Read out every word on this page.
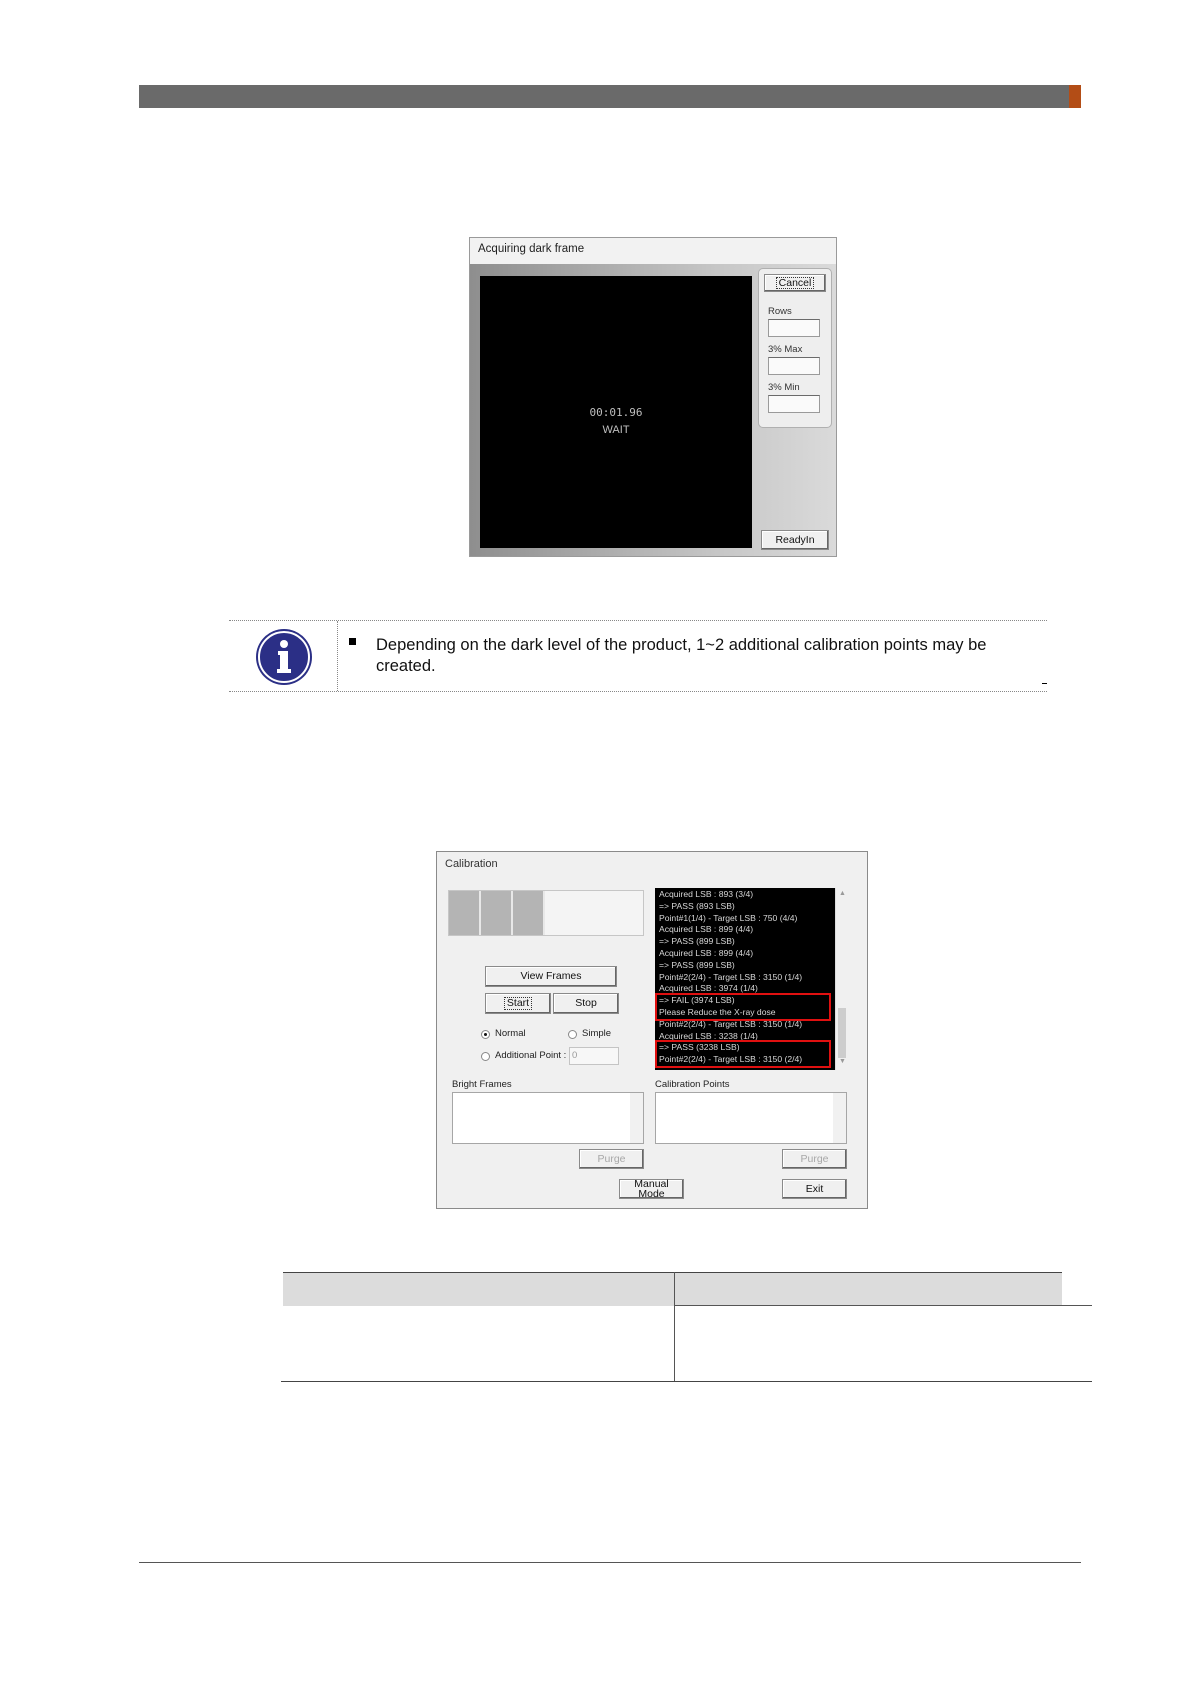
Acquiring dark frame
00:01.96
WAIT
Cancel
Rows
3% Max
3% Min
ReadyIn
Depending on the dark level of the product, 1~2 additional calibration points may be created.
Calibration
View Frames
Start	Stop
Normal	Simple
Additional Point : 0
Acquired LSB : 893 (3/4)
=> PASS (893 LSB)
Point#1(1/4) - Target LSB : 750 (4/4)
Acquired LSB : 899 (4/4)
=> PASS (899 LSB)
Acquired LSB : 899 (4/4)
=> PASS (899 LSB)
Point#2(2/4) - Target LSB : 3150 (1/4)
Acquired LSB : 3974 (1/4)
=> FAIL (3974 LSB)
Please Reduce the X-ray dose
Point#2(2/4) - Target LSB : 3150 (1/4)
Acquired LSB : 3238 (1/4)
=> PASS (3238 LSB)
Point#2(2/4) - Target LSB : 3150 (2/4)
▲
▼
Bright Frames	Calibration Points
Purge	Purge
Manual Mode	Exit
